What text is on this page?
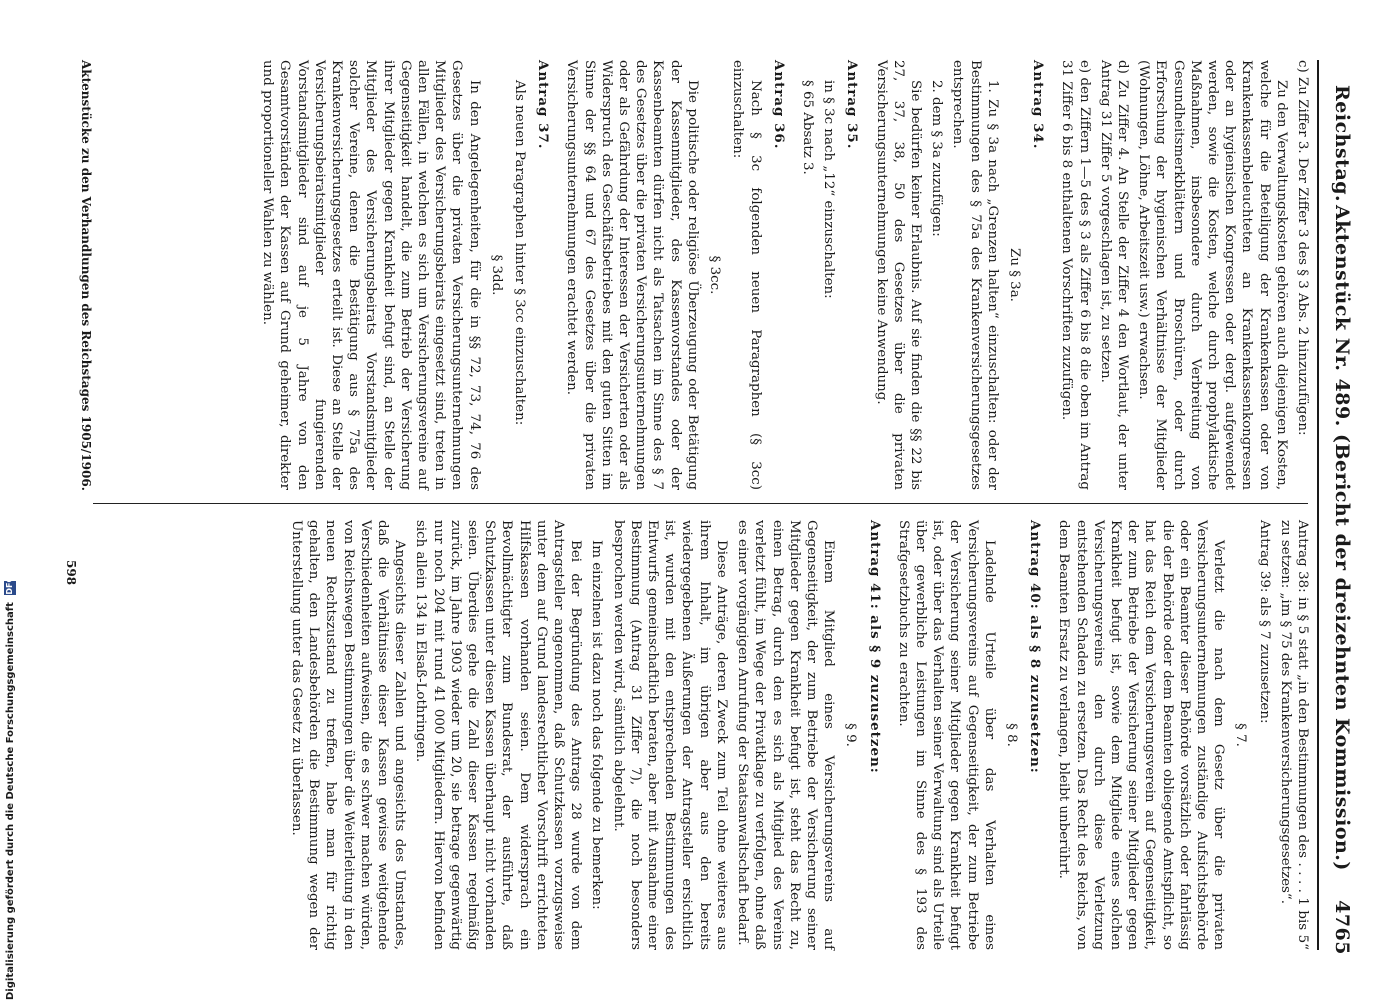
Reichstag.
Aktenstück Nr. 489. (Bericht der dreizehnten Kommission.)
4765

c) Zu Ziffer 3. Der Ziffer 3 des § 3 Abs. 2 hinzuzufügen:

Zu den Verwaltungskosten gehören auch diejenigen Kosten, welche für die Beteiligung der Krankenkassen oder von Krankenkassenbeleuchteten an Krankenkassenkongressen oder an hygienischen Kongressen oder dergl. aufgewendet werden, sowie die Kosten, welche durch prophylaktische Maßnahmen, insbesondere durch Verbreitung von Gesundheitsmerkblättern und Broschüren, oder durch Erforschung der hygienischen Verhältnisse der Mitglieder (Wohnungen, Löhne, Arbeitszeit usw.) erwachsen.

d) Zu Ziffer 4. An Stelle der Ziffer 4 den Wortlaut, der unter Antrag 31 Ziffer 5 vorgeschlagen ist, zu setzen.

e) den Ziffern 1—5 des § 3 als Ziffer 6 bis 8 die oben im Antrag 31 Ziffer 6 bis 8 enthaltenen Vorschriften zuzufügen.

Antrag 34.

Zu § 3a.

1. Zu § 3a nach „Grenzen halten“ einzuschalten: oder der Bestimmungen des § 75a des Krankenversicherungsgesetzes entsprechen.

2. dem § 3a zuzufügen:

Sie bedürfen keiner Erlaubnis. Auf sie finden die §§ 22 bis 27, 37, 38, 50 des Gesetzes über die privaten Versicherungsunternehmungen keine Anwendung.

Antrag 35.

in § 3c nach „12“ einzuschalten:

§ 65 Absatz 3.

Antrag 36.

Nach § 3c folgenden neuen Paragraphen (§ 3cc) einzuschalten:

§ 3cc.

Die politische oder religiöse Überzeugung oder Betätigung der Kassenmitglieder, des Kassenvorstandes oder der Kassenbeamten dürfen nicht als Tatsachen im Sinne des § 7 des Gesetzes über die privaten Versicherungsunternehmungen oder als Gefährdung der Interessen der Versicherten oder als Widerspruch des Geschäftsbetriebes mit den guten Sitten im Sinne der §§ 64 und 67 des Gesetzes über die privaten Versicherungsunternehmungen erachtet werden.

Antrag 37.

Als neuen Paragraphen hinter § 3cc einzuschalten:

§ 3dd.

In den Angelegenheiten, für die in §§ 72, 73, 74, 76 des Gesetzes über die privaten Versicherungsunternehmungen Mitglieder des Versicherungsbeirats eingesetzt sind, treten in allen Fällen, in welchen es sich um Versicherungsvereine auf Gegenseitigkeit handelt, die zum Betrieb der Versicherung ihrer Mitglieder gegen Krankheit befugt sind, an Stelle der Mitglieder des Versicherungsbeirats Vorstandsmitglieder solcher Vereine, denen die Bestätigung aus § 75a des Krankenversicherungsgesetzes erteilt ist. Diese an Stelle der Versicherungsbeiratsmitglieder fungierenden Vorstandsmitglieder sind auf je 5 Jahre von den Gesamtvorständen der Kassen auf Grund geheimer, direkter und proportioneller Wahlen zu wählen.

Antrag 38: in § 5 statt „in den Bestimmungen des . . . . 1 bis 5“ zu setzen: „im § 75 des Krankenversicherungsgesetzes“.

Antrag 39: als § 7 zuzusetzen:

§ 7.

Verletzt die nach dem Gesetz über die privaten Versicherungsunternehmungen zuständige Aufsichtsbehörde oder ein Beamter dieser Behörde vorsätzlich oder fahrlässig die der Behörde oder dem Beamten obliegende Amtspflicht, so hat das Reich dem Versicherungsverein auf Gegenseitigkeit, der zum Betriebe der Versicherung seiner Mitglieder gegen Krankheit befugt ist, sowie dem Mitgliede eines solchen Versicherungsvereins den durch diese Verletzung entstehenden Schaden zu ersetzen. Das Recht des Reichs, von dem Beamten Ersatz zu verlangen, bleibt unberührt.

Antrag 40: als § 8 zuzusetzen:

§ 8.

Ladelnde Urteile über das Verhalten eines Versicherungsvereins auf Gegenseitigkeit, der zum Betriebe der Versicherung seiner Mitglieder gegen Krankheit befugt ist, oder über das Verhalten seiner Verwaltung sind als Urteile über gewerbliche Leistungen im Sinne des § 193 des Strafgesetzbuchs zu erachten.

Antrag 41: als § 9 zuzusetzen:

§ 9.

Einem Mitglied eines Versicherungsvereins auf Gegenseitigkeit, der zum Betriebe der Versicherung seiner Mitglieder gegen Krankheit befugt ist, steht das Recht zu, einen Betrag, durch den es sich als Mitglied des Vereins verletzt fühlt, im Wege der Privatklage zu verfolgen, ohne daß es einer vorgängigen Anrufung der Staatsanwaltschaft bedarf.

Diese Anträge, deren Zweck zum Teil ohne weiteres aus ihrem Inhalt, im übrigen aber aus den bereits wiedergegebenen Äußerungen der Antragsteller ersichtlich ist, wurden mit den entsprechenden Bestimmungen des Entwurfs gemeinschaftlich beraten, aber mit Ausnahme einer Bestimmung (Antrag 31 Ziffer 7), die noch besonders besprochen werden wird, sämtlich abgelehnt.

Im einzelnen ist dazu noch das folgende zu bemerken:

Bei der Begründung des Antrags 28 wurde von dem Antragsteller angenommen, daß Schutzkassen vorzugsweise unter dem auf Grund landesrechtlicher Vorschrift errichteten Hilfskassen vorhanden seien. Dem widersprach ein Bevollmächtigter zum Bundesrat, der ausführte, daß Schutzkassen unter diesen Kassen überhaupt nicht vorhanden seien. Überdies gehe die Zahl dieser Kassen regelmäßig zurück, im Jahre 1903 wieder um 20, sie betrage gegenwärtig nur noch 204 mit rund 41 000 Mitgliedern. Hiervon befinden sich allein 134 in Elsaß-Lothringen.

Angesichts dieser Zahlen und angesichts des Umstandes, daß die Verhältnisse dieser Kassen gewisse weitgehende Verschiedenheiten aufweisen, die es schwer machen würden, von Reichswegen Bestimmungen über die Weiterleitung in den neuen Rechtszustand zu treffen, habe man für richtig gehalten, den Landesbehörden die Bestimmung wegen der Unterstellung unter das Gesetz zu überlassen.

Aktenstücke zu den Verhandlungen des Reichstages 1905/1906.
598
Digitalisierung gefördert durch die Deutsche Forschungsgemeinschaft DFG
